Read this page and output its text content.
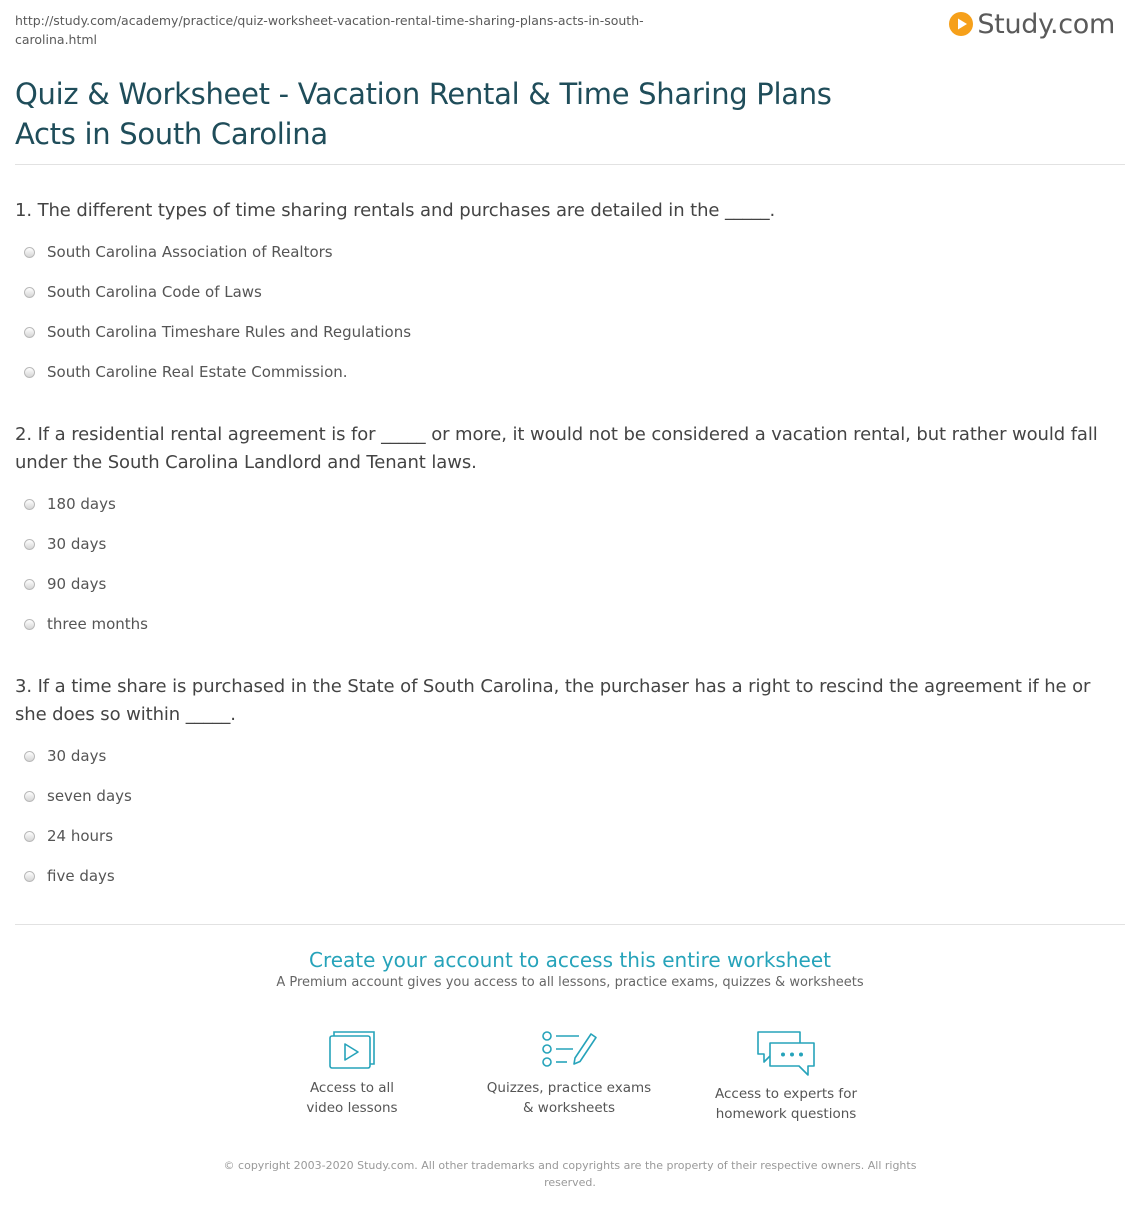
http://study.com/academy/practice/quiz-worksheet-vacation-rental-time-sharing-plans-acts-in-south-carolina.html	Study.com
Quiz & Worksheet - Vacation Rental & Time Sharing Plans Acts in South Carolina
1. The different types of time sharing rentals and purchases are detailed in the _____.
South Carolina Association of Realtors
South Carolina Code of Laws
South Carolina Timeshare Rules and Regulations
South Caroline Real Estate Commission.
2. If a residential rental agreement is for _____ or more, it would not be considered a vacation rental, but rather would fall under the South Carolina Landlord and Tenant laws.
180 days
30 days
90 days
three months
3. If a time share is purchased in the State of South Carolina, the purchaser has a right to rescind the agreement if he or she does so within _____.
30 days
seven days
24 hours
five days
Create your account to access this entire worksheet
A Premium account gives you access to all lessons, practice exams, quizzes & worksheets
Access to all
video lessons
Quizzes, practice exams
& worksheets
Access to experts for
homework questions
© copyright 2003-2020 Study.com. All other trademarks and copyrights are the property of their respective owners. All rights reserved.
